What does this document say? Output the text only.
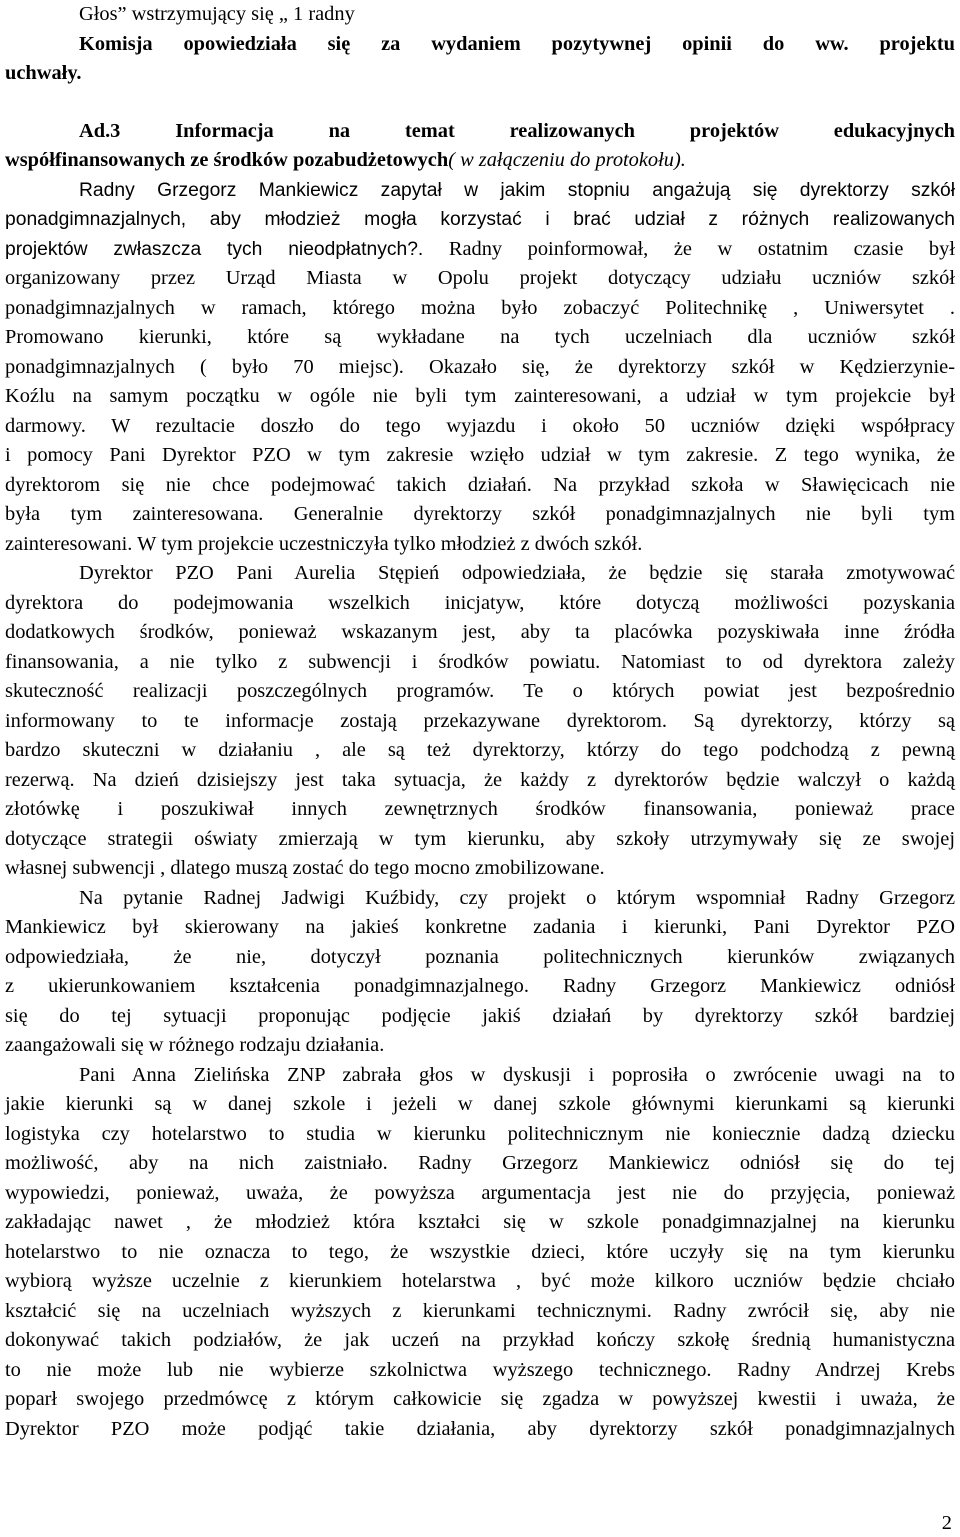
Głos” wstrzymujący się „ 1 radny
Komisja opowiedziała się za wydaniem pozytywnej opinii do ww. projektu
uchwały.
Ad.3 Informacja na temat realizowanych projektów edukacyjnych
współfinansowanych ze środków pozabudżetowych( w załączeniu do protokołu).
Radny Grzegorz Mankiewicz zapytał w jakim stopniu angażują się dyrektorzy szkół
ponadgimnazjalnych, aby młodzież mogła korzystać i brać udział z różnych realizowanych
projektów zwłaszcza tych nieodpłatnych?. Radny poinformował, że w ostatnim czasie był
organizowany przez Urząd Miasta w Opolu projekt dotyczący udziału uczniów szkół
ponadgimnazjalnych w ramach, którego można było zobaczyć Politechnikę , Uniwersytet .
Promowano kierunki, które są wykładane na tych uczelniach dla uczniów szkół
ponadgimnazjalnych ( było 70 miejsc). Okazało się, że dyrektorzy szkół w Kędzierzynie-
Koźlu na samym początku w ogóle nie byli tym zainteresowani, a udział w tym projekcie był
darmowy. W rezultacie doszło do tego wyjazdu i około 50 uczniów dzięki współpracy
i pomocy Pani Dyrektor PZO w tym zakresie wzięło udział w tym zakresie. Z tego wynika, że
dyrektorom się nie chce podejmować takich działań. Na przykład szkoła w Sławięcicach nie
była tym zainteresowana. Generalnie dyrektorzy szkół ponadgimnazjalnych nie byli tym
zainteresowani. W tym projekcie uczestniczyła tylko młodzież z dwóch szkół.
Dyrektor PZO Pani Aurelia Stępień odpowiedziała, że będzie się starała zmotywować
dyrektora do podejmowania wszelkich inicjatyw, które dotyczą możliwości pozyskania
dodatkowych środków, ponieważ wskazanym jest, aby ta placówka pozyskiwała inne źródła
finansowania, a nie tylko z subwencji i środków powiatu. Natomiast to od dyrektora zależy
skuteczność realizacji poszczególnych programów. Te o których powiat jest bezpośrednio
informowany to te informacje zostają przekazywane dyrektorom. Są dyrektorzy, którzy są
bardzo skuteczni w działaniu , ale są też dyrektorzy, którzy do tego podchodzą z pewną
rezerwą. Na dzień dzisiejszy jest taka sytuacja, że każdy z dyrektorów będzie walczył o każdą
złotówkę i poszukiwał innych zewnętrznych środków finansowania, ponieważ prace
dotyczące strategii oświaty zmierzają w tym kierunku, aby szkoły utrzymywały się ze swojej
własnej subwencji , dlatego muszą zostać do tego mocno zmobilizowane.
Na pytanie Radnej Jadwigi Kuźbidy, czy projekt o którym wspomniał Radny Grzegorz
Mankiewicz był skierowany na jakieś konkretne zadania i kierunki, Pani Dyrektor PZO
odpowiedziała, że nie, dotyczył poznania politechnicznych kierunków związanych
z ukierunkowaniem kształcenia ponadgimnazjalnego. Radny Grzegorz Mankiewicz odniósł
się do tej sytuacji proponując podjęcie jakiś działań by dyrektorzy szkół bardziej
zaangażowali się w różnego rodzaju działania.
Pani Anna Zielińska ZNP zabrała głos w dyskusji i poprosiła o zwrócenie uwagi na to
jakie kierunki są w danej szkole i jeżeli w danej szkole głównymi kierunkami są kierunki
logistyka czy hotelarstwo to studia w kierunku politechnicznym nie koniecznie dadzą dziecku
możliwość, aby na nich zaistniało. Radny Grzegorz Mankiewicz odniósł się do tej
wypowiedzi, ponieważ, uważa, że powyższa argumentacja jest nie do przyjęcia, ponieważ
zakładając nawet , że młodzież która kształci się w szkole ponadgimnazjalnej na kierunku
hotelarstwo to nie oznacza to tego, że wszystkie dzieci, które uczyły się na tym kierunku
wybiorą wyższe uczelnie z kierunkiem hotelarstwa , być może kilkoro uczniów będzie chciało
kształcić się na uczelniach wyższych z kierunkami technicznymi. Radny zwrócił się, aby nie
dokonywać takich podziałów, że jak uczeń na przykład kończy szkołę średnią humanistyczna
to nie może lub nie wybierze szkolnictwa wyższego technicznego. Radny Andrzej Krebs
poparł swojego przedmówcę z którym całkowicie się zgadza w powyższej kwestii i uważa, że
Dyrektor PZO może podjąć takie działania, aby dyrektorzy szkół ponadgimnazjalnych
2
